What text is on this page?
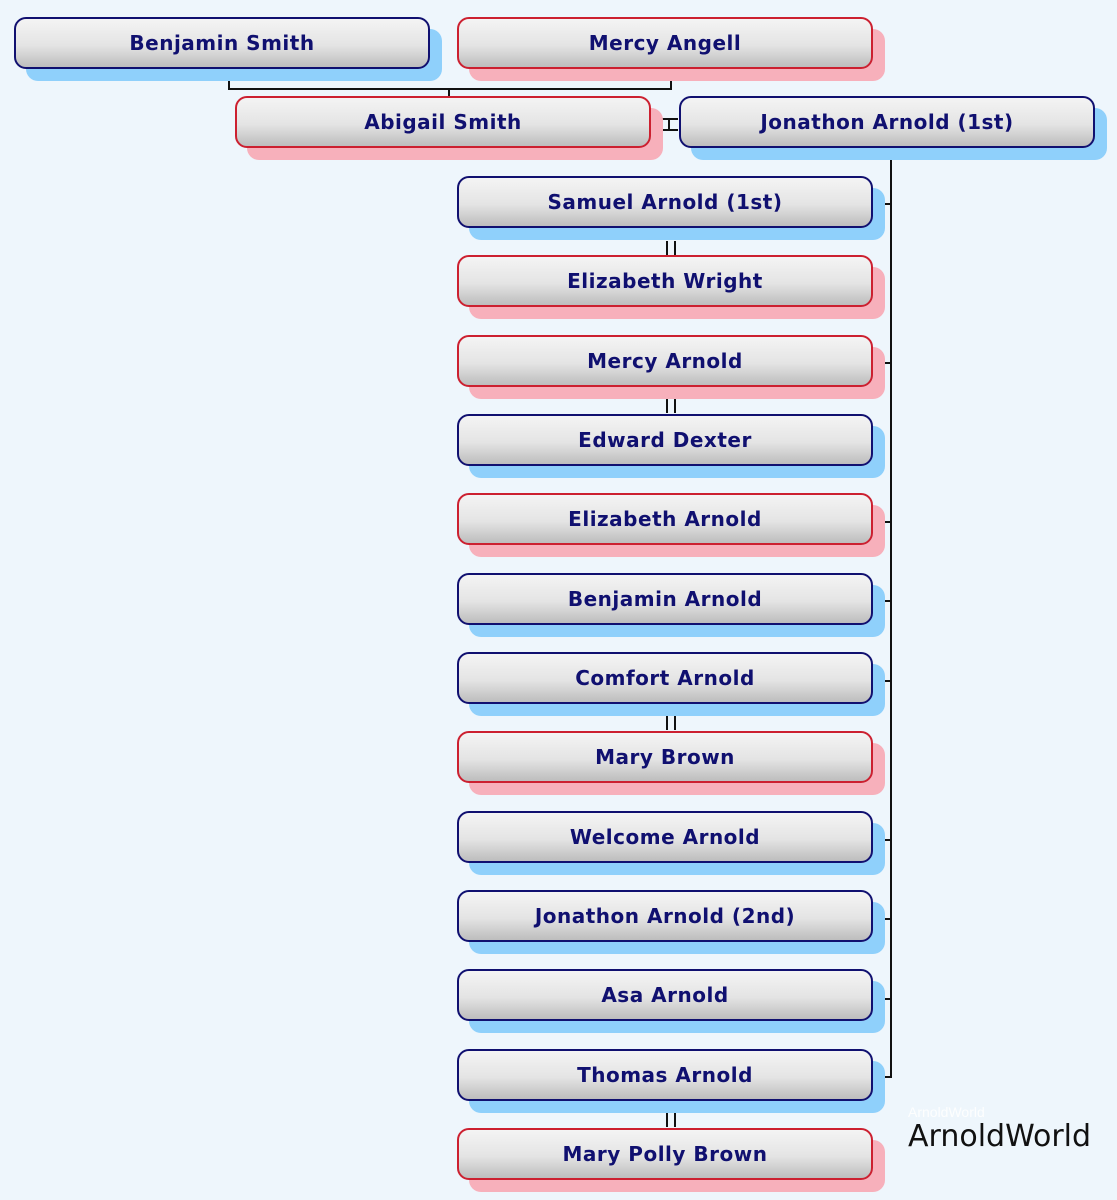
Benjamin Smith	Mercy Angell
Abigail Smith	Jonathon Arnold (1st)
Samuel Arnold (1st)
Elizabeth Wright
Mercy Arnold
Edward Dexter
Elizabeth Arnold
Benjamin Arnold
Comfort Arnold
Mary Brown
Welcome Arnold
Jonathon Arnold (2nd)
Asa Arnold
Thomas Arnold
Mary Polly Brown
ArnoldWorld
ArnoldWorld
